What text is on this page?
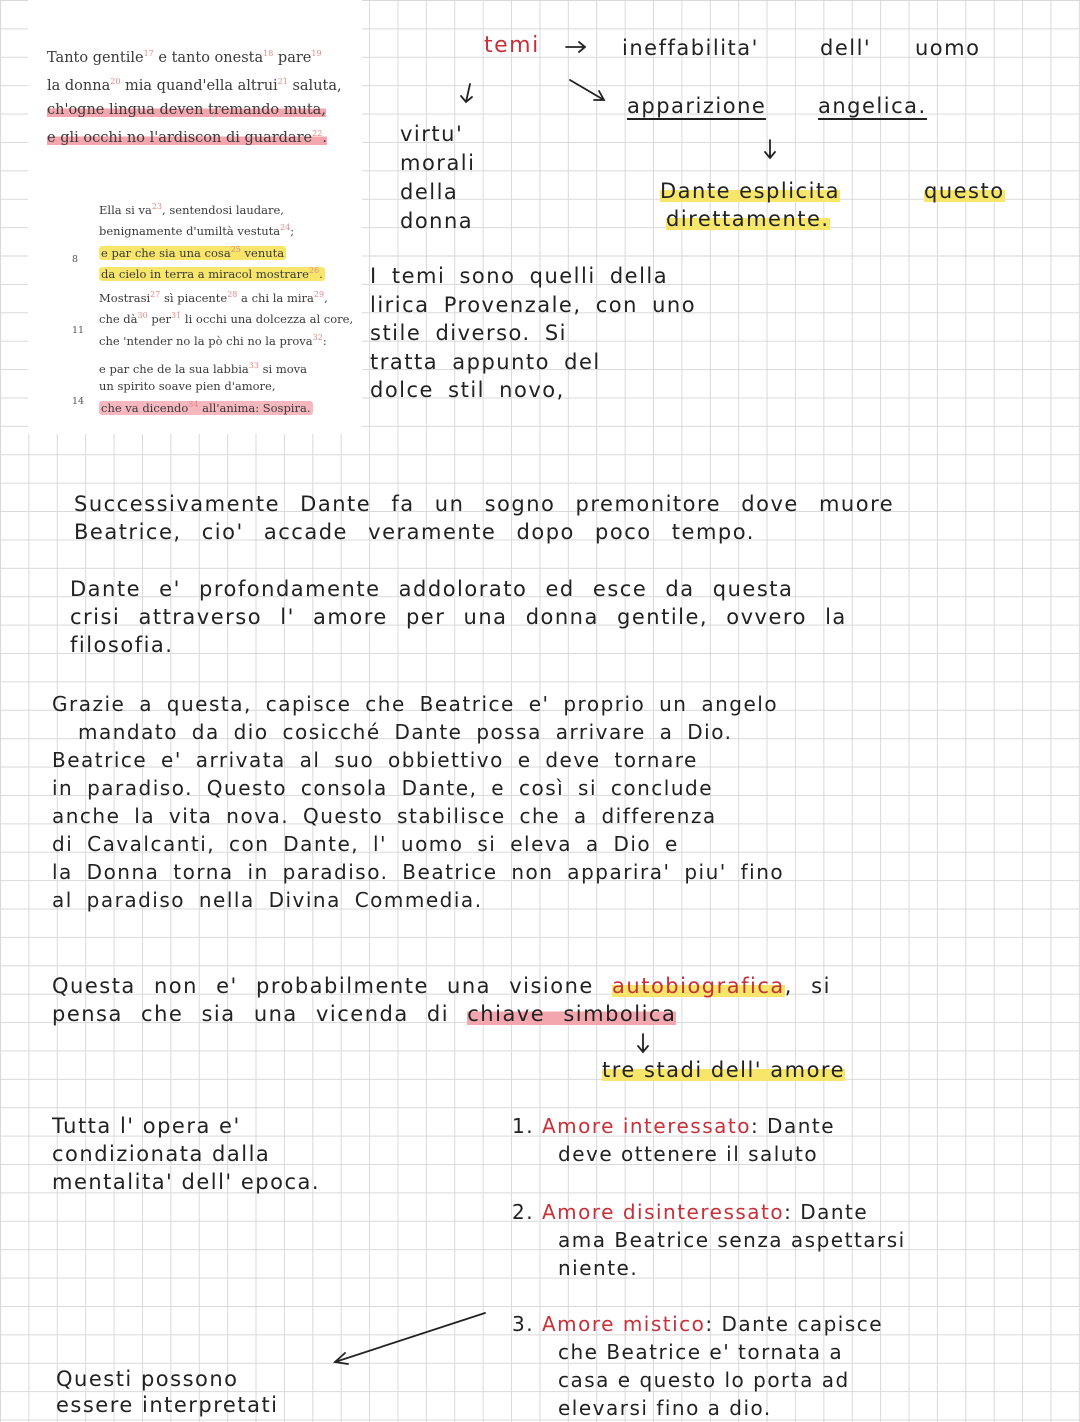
Tanto gentile$^{17}$ e tanto onesta$^{18}$ pare$^{19}$
la donna$^{20}$ mia quand'ella altrui$^{21}$ saluta,
ch'ogne lingua deven tremando muta,
e gli occhi no l'ardiscon di guardare$^{22}$.
Ella si $va^{23}$, sentendosi laudare,
benignamente d'umiltà vestuta$^{24}$;
e par che sia una cosa$^{25}$ venuta
da cielo in terra a miracol mostrare$^{26}$.
8
Mostrasi$^{27}$ sì piacente$^{28}$ a chi la mira$^{29}$,
che $dà^{30}$ per$^{31}$ li occhi una dolcezza al core,
che 'ntender no la pò chi no la prova$^{32}$:
11
e par che de la sua labbia$^{33}$ si mova
un spirito soave pien d'amore,
che va dicendo$^{34}$ all'anima: Sospira.
14
temi	ineffabilita'	dell' uomo
apparizione angelica.
virtu'
morali
della
donna
Dante esplicita	questo
direttamente.
I temi sono quelli della
lirica Provenzale, con uno
stile diverso. Si
tratta appunto del
dolce stil novo,
Successivamente Dante fa un sogno premonitore dove muore
Beatrice, cio' accade veramente dopo poco tempo.
Dante e' profondamente addolorato ed esce da questa
crisi attraverso l' amore per una donna gentile, ovvero la
filosofia.
Grazie a questa, capisce che Beatrice e' proprio un angelo
mandato da dio cosicché Dante possa arrivare a Dio.
Beatrice e' arrivata al suo obbiettivo e deve tornare
in paradiso. Questo consola Dante, e così si conclude
anche la vita nova. Questo stabilisce che a differenza
di Cavalcanti, con Dante, l' uomo si eleva a Dio e
la Donna torna in paradiso. Beatrice non apparira' piu' fino
al paradiso nella Divina Commedia.
Questa non e' probabilmente una visione autobiografica, si
pensa che sia una vicenda di chiave simbolica
tre stadi dell' amore
Tutta l' opera e'
condizionata dalla
mentalita' dell' epoca.
1. Amore interessato: Dante
deve ottenere il saluto
2. Amore disinteressato: Dante
ama Beatrice senza aspettarsi
niente.
3. Amore mistico: Dante capisce
che Beatrice e' tornata a
casa e questo lo porta ad
elevarsi fino a dio.
Questi possono
essere interpretati
